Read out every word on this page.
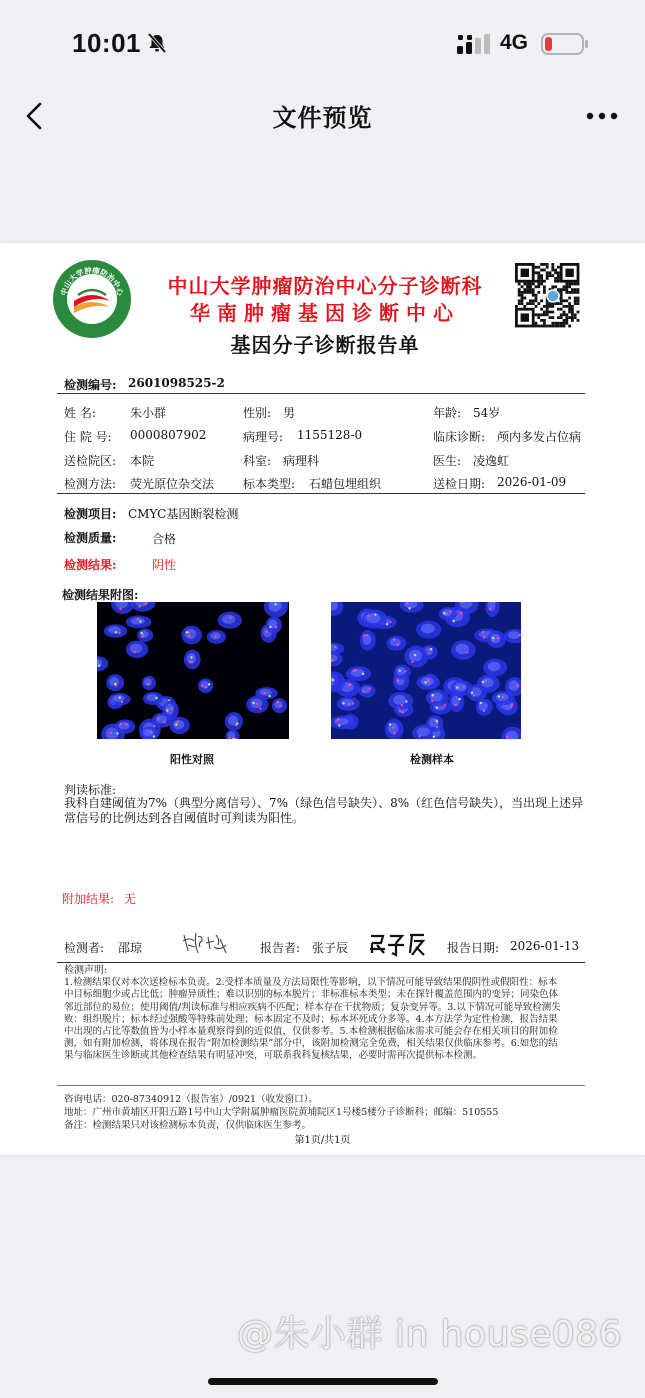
10:01	4G
文件预览
中山大学肿瘤防治中心	中山大学肿瘤防治中心分子诊断科
华南肿瘤基因诊断中心
基因分子诊断报告单
检测编号: 2601098525-2
姓 名:	朱小群	性别: 男	年龄: 54岁
住 院 号: 0000807902	病理号: 1155128-0	临床诊断: 颅内多发占位病
送检院区: 本院	科室: 病理科	医生: 凌逸虹
检测方法: 荧光原位杂交法 标本类型: 石蜡包埋组织	送检日期: 2026-01-09
检测项目: CMYC基因断裂检测
检测质量:	合格
检测结果:	阴性
检测结果附图:
阳性对照	检测样本
判读标准:
我科自建阈值为7%（典型分离信号）、7%（绿色信号缺失）、8%（红色信号缺失），当出现上述异常信号的比例达到各自阈值时可判读为阳性。
附加结果: 无
检测者: 邵琼	报告者: 张子辰	报告日期: 2026-01-13
检测声明:
1.检测结果仅对本次送检标本负责。2.受样本质量及方法局限性等影响，以下情况可能导致结果假阴性或假阳性：标本中目标细胞少或占比低；肿瘤异质性；难以识别的标本脱片；非标准标本类型；未在探针覆盖范围内的变异；同染色体邻近部位的易位；使用阈值/判读标准与相应疾病不匹配；样本存在干扰物质；复杂变异等。3.以下情况可能导致检测失败：组织脱片；标本经过强酸等特殊前处理；标本固定不及时；标本坏死成分多等。4.本方法学为定性检测，报告结果中出现的占比等数值皆为小样本量观察得到的近似值，仅供参考。5.本检测根据临床需求可能会存在相关项目的附加检测，如有附加检测，将体现在报告“附加检测结果”部分中，该附加检测完全免费，相关结果仅供临床参考。6.如您的结果与临床医生诊断或其他检查结果有明显冲突，可联系我科复核结果，必要时需再次提供标本检测。
咨询电话：020-87340912（报告室）/0921（收发窗口）。
地址：广州市黄埔区开阳五路1号中山大学附属肿瘤医院黄埔院区1号楼5楼分子诊断科；邮编：510555
备注：检测结果只对该检测标本负责，仅供临床医生参考。
第1页/共1页
@朱小群 in house086
